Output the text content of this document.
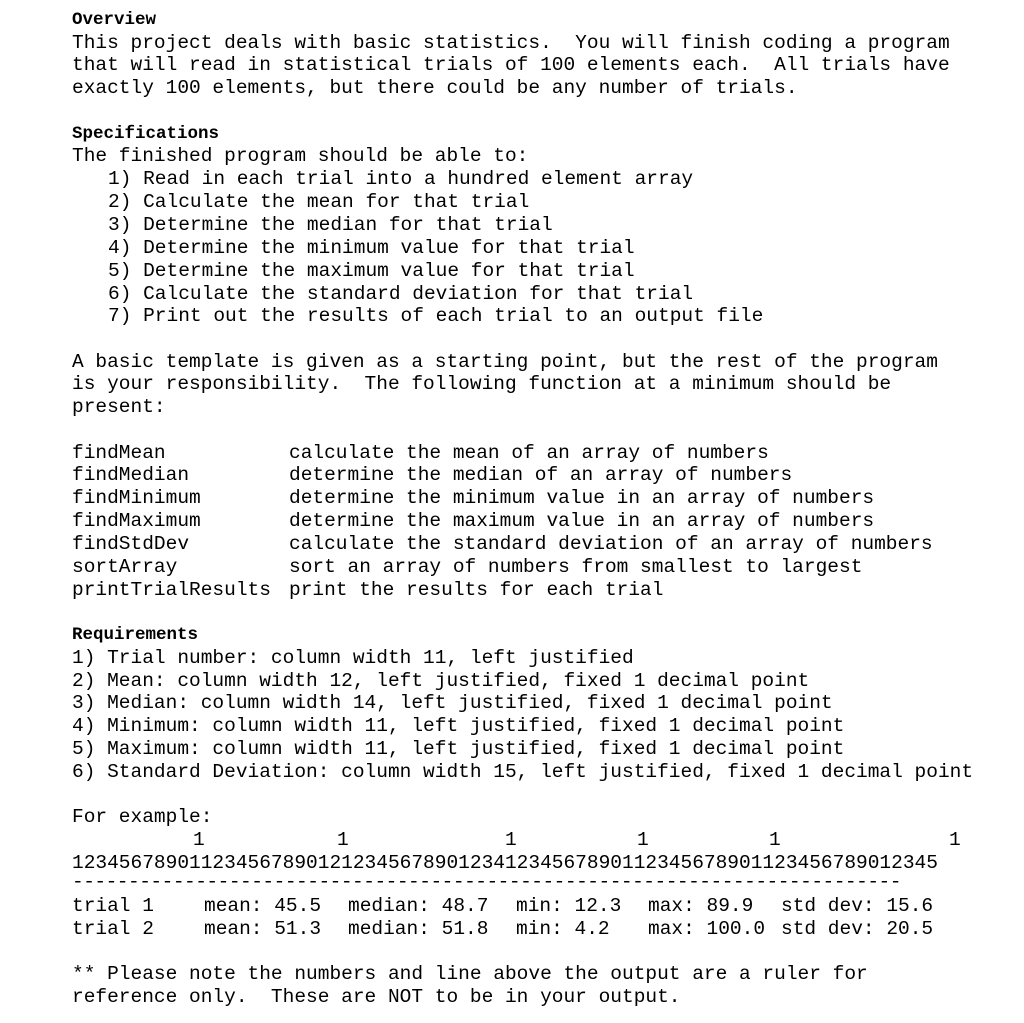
Overview
This project deals with basic statistics.  You will finish coding a program
that will read in statistical trials of 100 elements each.  All trials have
exactly 100 elements, but there could be any number of trials.
Specifications
The finished program should be able to:
1) Read in each trial into a hundred element array
2) Calculate the mean for that trial
3) Determine the median for that trial
4) Determine the minimum value for that trial
5) Determine the maximum value for that trial
6) Calculate the standard deviation for that trial
7) Print out the results of each trial to an output file
A basic template is given as a starting point, but the rest of the program
is your responsibility.  The following function at a minimum should be
present:
findMean	calculate the mean of an array of numbers
findMedian	determine the median of an array of numbers
findMinimum	determine the minimum value in an array of numbers
findMaximum	determine the maximum value in an array of numbers
findStdDev	calculate the standard deviation of an array of numbers
sortArray	sort an array of numbers from smallest to largest
printTrialResults print the results for each trial
Requirements
1) Trial number: column width 11, left justified
2) Mean: column width 12, left justified, fixed 1 decimal point
3) Median: column width 14, left justified, fixed 1 decimal point
4) Minimum: column width 11, left justified, fixed 1 decimal point
5) Maximum: column width 11, left justified, fixed 1 decimal point
6) Standard Deviation: column width 15, left justified, fixed 1 decimal point
For example:
1	1	1	1	1	1
12345678901123456789012123456789012341234567890112345678901123456789012345
--------------------------------------------------------------------------
trial 1	mean: 45.5 median: 48.7 min: 12.3 max: 89.9 std dev: 15.6
trial 2	mean: 51.3 median: 51.8 min: 4.2 max: 100.0 std dev: 20.5
** Please note the numbers and line above the output are a ruler for
reference only.  These are NOT to be in your output.
